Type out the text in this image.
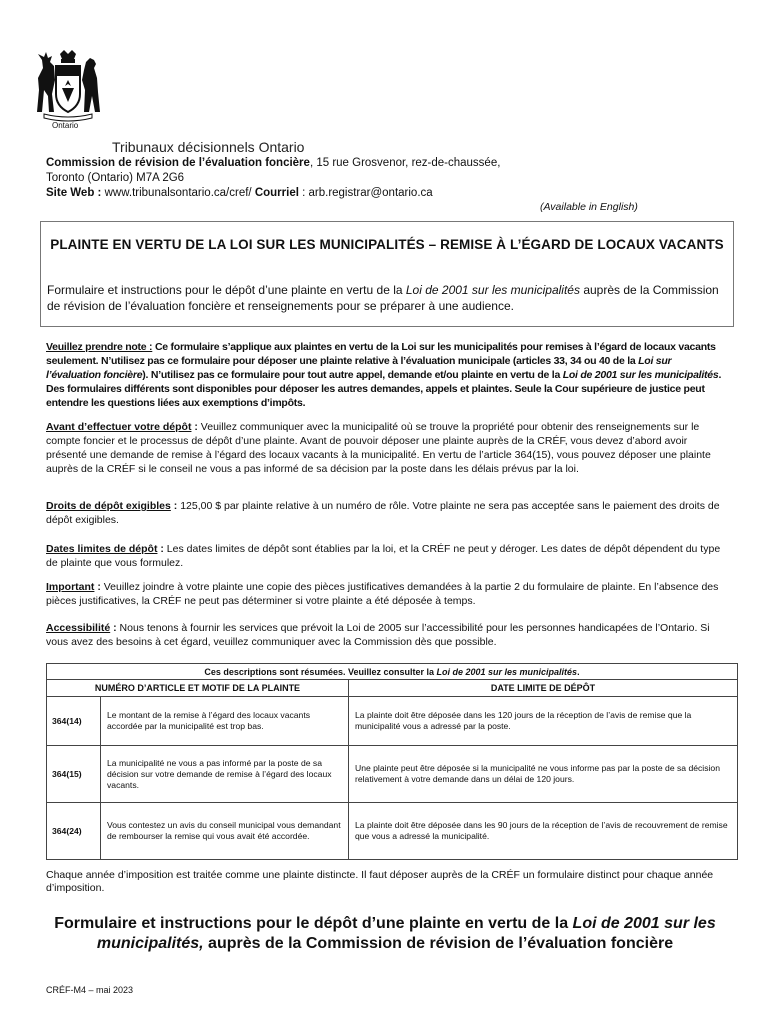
Ontario
Tribunaux décisionnels Ontario
Commission de révision de l’évaluation foncière, 15 rue Grosvenor, rez-de-chaussée,
Toronto (Ontario) M7A 2G6
Site Web : www.tribunalsontario.ca/cref/ Courriel : arb.registrar@ontario.ca
(Available in English)
PLAINTE EN VERTU DE LA LOI SUR LES MUNICIPALITÉS – REMISE À L’ÉGARD DE LOCAUX VACANTS
Formulaire et instructions pour le dépôt d’une plainte en vertu de la Loi de 2001 sur les municipalités auprès de la Commission de révision de l’évaluation foncière et renseignements pour se préparer à une audience.
Veuillez prendre note : Ce formulaire s’applique aux plaintes en vertu de la Loi sur les municipalités pour remises à l’égard de locaux vacants seulement. N’utilisez pas ce formulaire pour déposer une plainte relative à l’évaluation municipale (articles 33, 34 ou 40 de la Loi sur l’évaluation foncière). N’utilisez pas ce formulaire pour tout autre appel, demande et/ou plainte en vertu de la Loi de 2001 sur les municipalités. Des formulaires différents sont disponibles pour déposer les autres demandes, appels et plaintes. Seule la Cour supérieure de justice peut entendre les questions liées aux exemptions d’impôts.
Avant d’effectuer votre dépôt : Veuillez communiquer avec la municipalité où se trouve la propriété pour obtenir des renseignements sur le compte foncier et le processus de dépôt d’une plainte. Avant de pouvoir déposer une plainte auprès de la CRÉF, vous devez d’abord avoir présenté une demande de remise à l’égard des locaux vacants à la municipalité. En vertu de l’article 364(15), vous pouvez déposer une plainte auprès de la CRÉF si le conseil ne vous a pas informé de sa décision par la poste dans les délais prévus par la loi.
Droits de dépôt exigibles : 125,00 $ par plainte relative à un numéro de rôle. Votre plainte ne sera pas acceptée sans le paiement des droits de dépôt exigibles.
Dates limites de dépôt : Les dates limites de dépôt sont établies par la loi, et la CRÉF ne peut y déroger. Les dates de dépôt dépendent du type de plainte que vous formulez.
Important : Veuillez joindre à votre plainte une copie des pièces justificatives demandées à la partie 2 du formulaire de plainte. En l’absence des pièces justificatives, la CRÉF ne peut pas déterminer si votre plainte a été déposée à temps.
Accessibilité : Nous tenons à fournir les services que prévoit la Loi de 2005 sur l’accessibilité pour les personnes handicapées de l’Ontario. Si vous avez des besoins à cet égard, veuillez communiquer avec la Commission dès que possible.
Ces descriptions sont résumées. Veuillez consulter la Loi de 2001 sur les municipalités.		
NUMÉRO D’ARTICLE ET MOTIF DE LA PLAINTE		DATE LIMITE DE DÉPÔT
364(14)	Le montant de la remise à l’égard des locaux vacants accordée par la municipalité est trop bas.	La plainte doit être déposée dans les 120 jours de la réception de l’avis de remise que la municipalité vous a adressé par la poste.
364(15)	La municipalité ne vous a pas informé par la poste de sa décision sur votre demande de remise à l’égard des locaux vacants.	Une plainte peut être déposée si la municipalité ne vous informe pas par la poste de sa décision relativement à votre demande dans un délai de 120 jours.
364(24)	Vous contestez un avis du conseil municipal vous demandant de rembourser la remise qui vous avait été accordée.	La plainte doit être déposée dans les 90 jours de la réception de l’avis de recouvrement de remise que vous a adressé la municipalité.
Chaque année d’imposition est traitée comme une plainte distincte. Il faut déposer auprès de la CRÉF un formulaire distinct pour chaque année d’imposition.
Formulaire et instructions pour le dépôt d’une plainte en vertu de la Loi de 2001 sur les municipalités, auprès de la Commission de révision de l’évaluation foncière
CRÉF-M4 – mai 2023
